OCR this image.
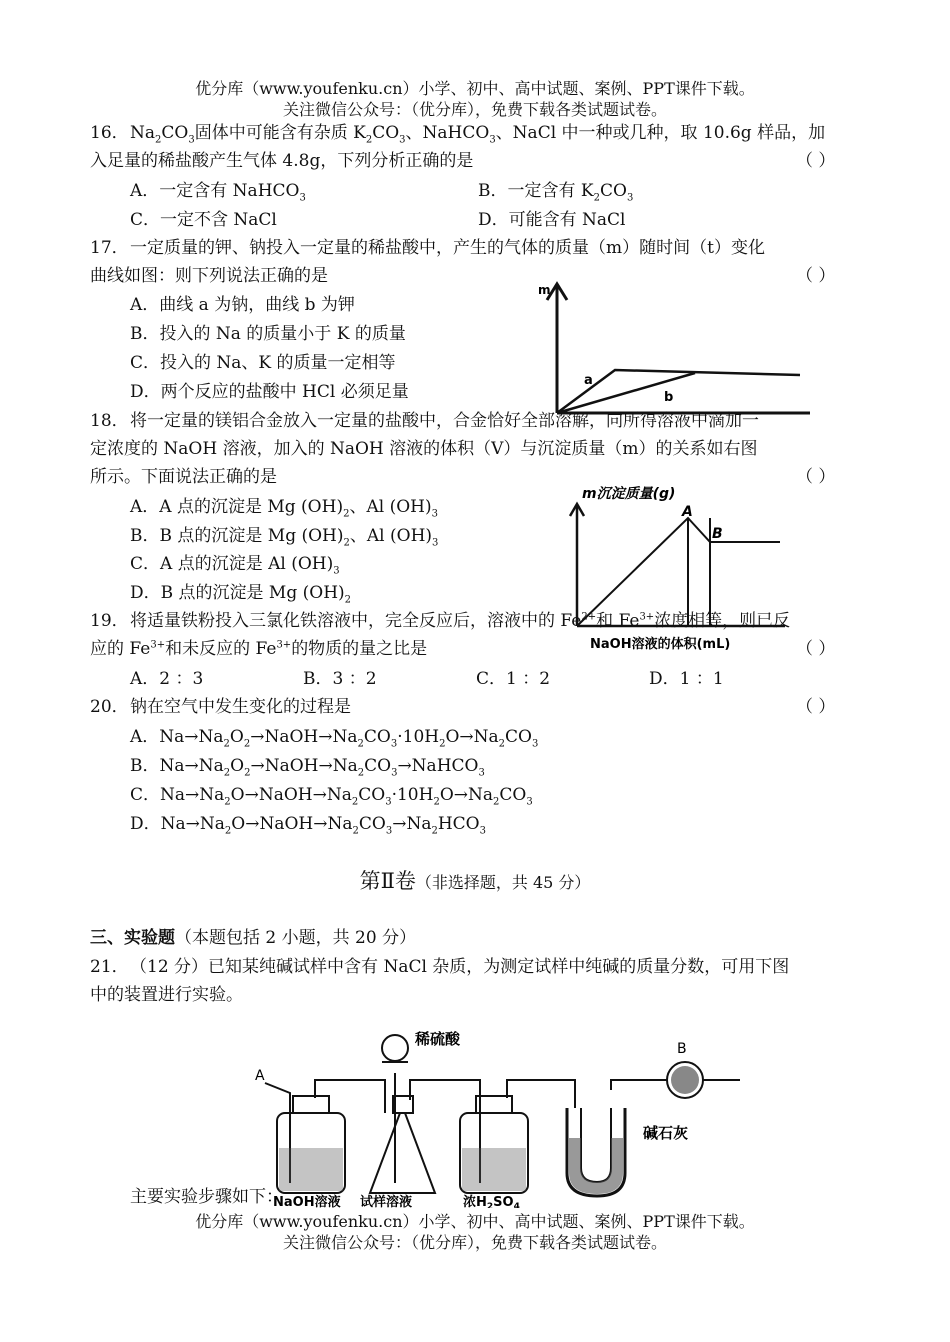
优分库（www.youfenku.cn）小学、初中、高中试题、案例、PPT课件下载。
关注微信公众号：（优分库），免费下载各类试题试卷。
16． $Na_2CO_3$固体中可能含有杂质 $K_2CO_3$、NaHCO$_3$、NaCl 中一种或几种，取 10.6g 样品，加
入足量的稀盐酸产生气体 4.8g，下列分析正确的是	（ ）
A．一定含有 NaHCO$_3$	B．一定含有 $K_2CO_3$
C．一定不含 NaCl	D．可能含有 NaCl
17． 一定质量的钾、钠投入一定量的稀盐酸中，产生的气体的质量（m）随时间（t）变化
曲线如图：则下列说法正确的是	（ ）
A．曲线 a 为钠，曲线 b 为钾
B．投入的 Na 的质量小于 K 的质量
C．投入的 Na、K 的质量一定相等
D．两个反应的盐酸中 HCl 必须足量
m
a
b
18． 将一定量的镁铝合金放入一定量的盐酸中，合金恰好全部溶解，向所得溶液中滴加一
定浓度的 NaOH 溶液，加入的 NaOH 溶液的体积（V）与沉淀质量（m）的关系如右图
所示。下面说法正确的是	（ ）
A．A 点的沉淀是 Mg $(OH)_2$、Al $(OH)_3$
B．B 点的沉淀是 Mg $(OH)_2$、Al $(OH)_3$
C．A 点的沉淀是 Al $(OH)_3$
D．B 点的沉淀是 Mg $(OH)_2$
m沉淀质量(g)
A
B
NaOH溶液的体积(mL)
19． 将适量铁粉投入三氯化铁溶液中，完全反应后，溶液中的 $Fe^{2+}$和 $Fe^{3+}$浓度相等，则已反
应的 $Fe^{3+}$和未反应的 $Fe^{3+}$的物质的量之比是	（ ）
A．2 ：3	B．3 ：2	C．1 ：2	D．1 ：1
20． 钠在空气中发生变化的过程是	（ ）
A．$Na\to Na_2O_2\to NaOH\to Na_2CO_3\cdot 10H_2O\to Na_2CO_3$
B．$Na\to Na_2O_2\to NaOH\to Na_2CO_3\to NaHCO_3$
C．$Na\to Na_2O\to NaOH\to Na_2CO_3\cdot 10H_2O\to Na_2CO_3$
D．$Na\to Na_2O\to NaOH\to Na_2CO_3\to Na_2HCO_3$
第Ⅱ卷（非选择题，共 45 分）
三、实验题（本题包括 2 小题，共 20 分）
21． （12 分）已知某纯碱试样中含有 NaCl 杂质，为测定试样中纯碱的质量分数，可用下图
中的装置进行实验。
A
B
稀硫酸
碱石灰
NaOH溶液 试样溶液	浓$H_2SO_4$
主要实验步骤如下：
优分库（www.youfenku.cn）小学、初中、高中试题、案例、PPT课件下载。
关注微信公众号：（优分库），免费下载各类试题试卷。
